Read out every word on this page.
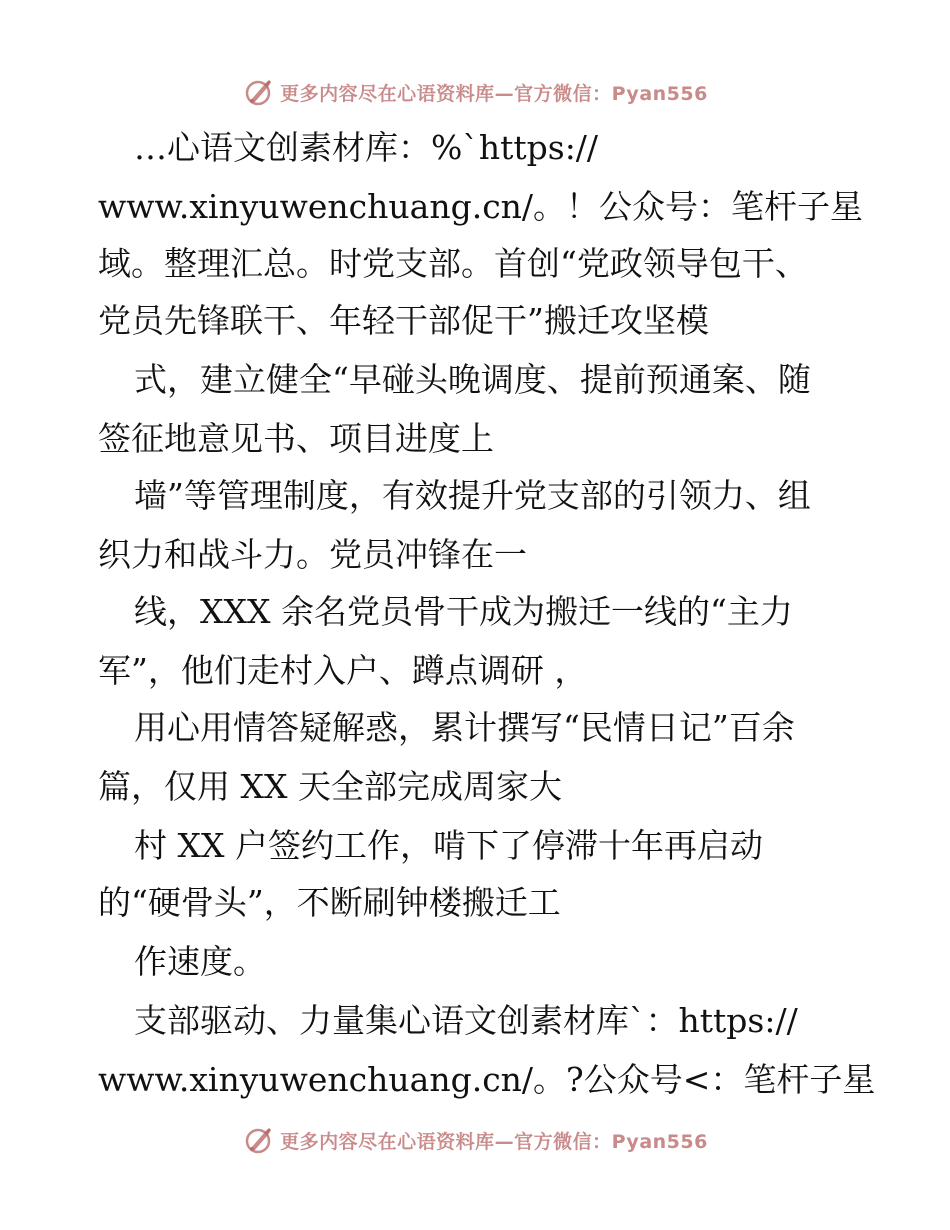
更多内容尽在心语资料库—官方微信：Pyan556
…心语文创素材库：%`https://
www.xinyuwenchuang.cn/。！公众号：笔杆子星
域。整理汇总。时党支部。首创“党政领导包干、
党员先锋联干、年轻干部促干”搬迁攻坚模
式，建立健全“早碰头晚调度、提前预通案、随
签征地意见书、项目进度上
墙”等管理制度，有效提升党支部的引领力、组
织力和战斗力。党员冲锋在一
线，XXX 余名党员骨干成为搬迁一线的“主力
军”，他们走村入户、蹲点调研 ，
用心用情答疑解惑，累计撰写“民情日记”百余
篇，仅用 XX 天全部完成周家大
村 XX 户签约工作，啃下了停滞十年再启动
的“硬骨头”，不断刷钟楼搬迁工
作速度。
支部驱动、力量集心语文创素材库`：https://
www.xinyuwenchuang.cn/。?公众号<：笔杆子星
更多内容尽在心语资料库—官方微信：Pyan556
